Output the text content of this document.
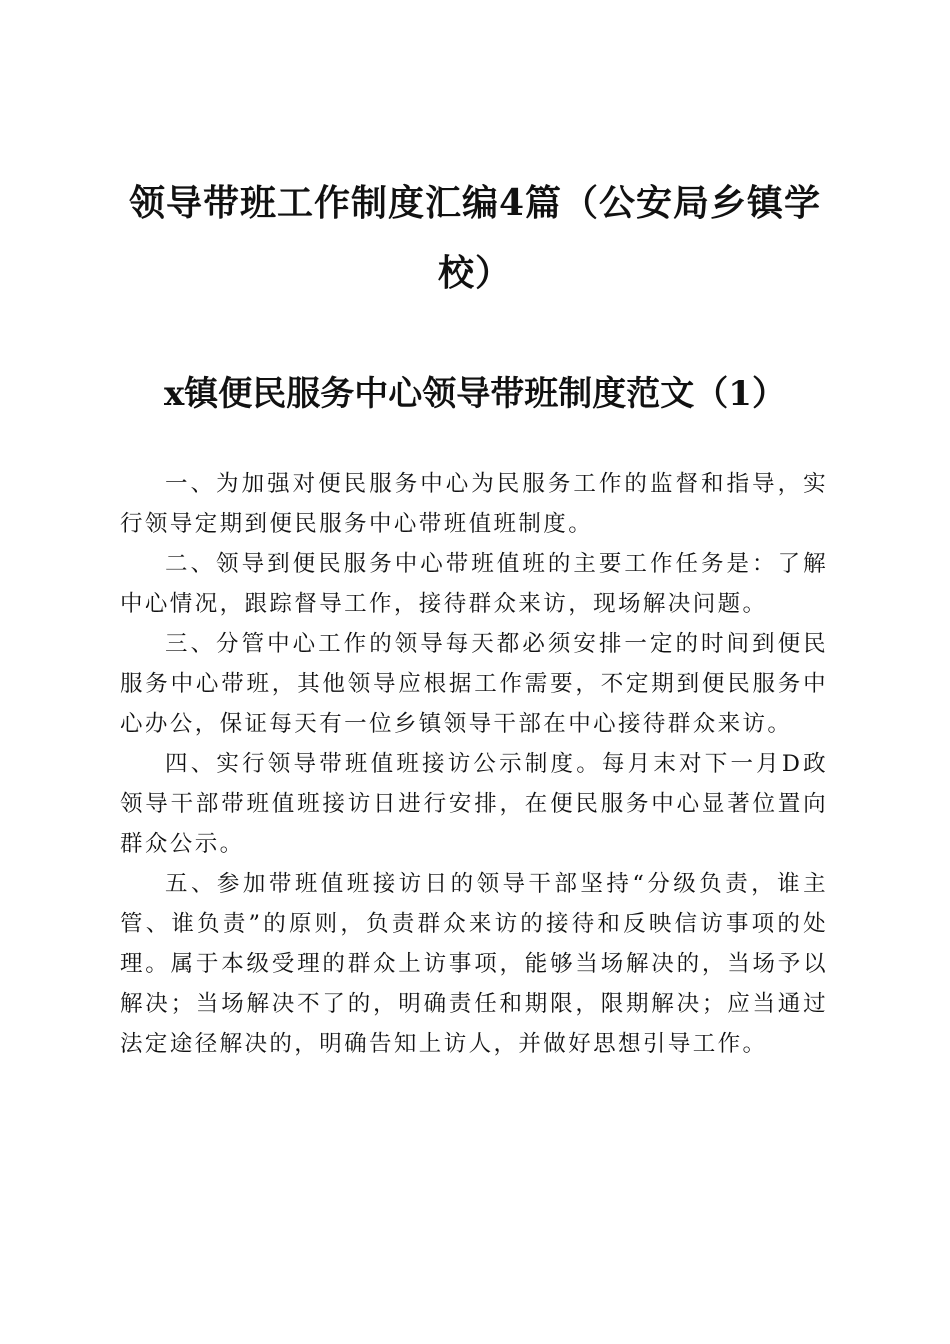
领导带班工作制度汇编4篇（公安局乡镇学校）
x镇便民服务中心领导带班制度范文（1）

一、为加强对便民服务中心为民服务工作的监督和指导，实行领导定期到便民服务中心带班值班制度。

二、领导到便民服务中心带班值班的主要工作任务是：了解中心情况，跟踪督导工作，接待群众来访，现场解决问题。

三、分管中心工作的领导每天都必须安排一定的时间到便民服务中心带班，其他领导应根据工作需要，不定期到便民服务中心办公，保证每天有一位乡镇领导干部在中心接待群众来访。

四、实行领导带班值班接访公示制度。每月末对下一月D政领导干部带班值班接访日进行安排，在便民服务中心显著位置向群众公示。

五、参加带班值班接访日的领导干部坚持“分级负责，谁主管、谁负责”的原则，负责群众来访的接待和反映信访事项的处理。属于本级受理的群众上访事项，能够当场解决的，当场予以解决；当场解决不了的，明确责任和期限，限期解决；应当通过法定途径解决的，明确告知上访人，并做好思想引导工作。
